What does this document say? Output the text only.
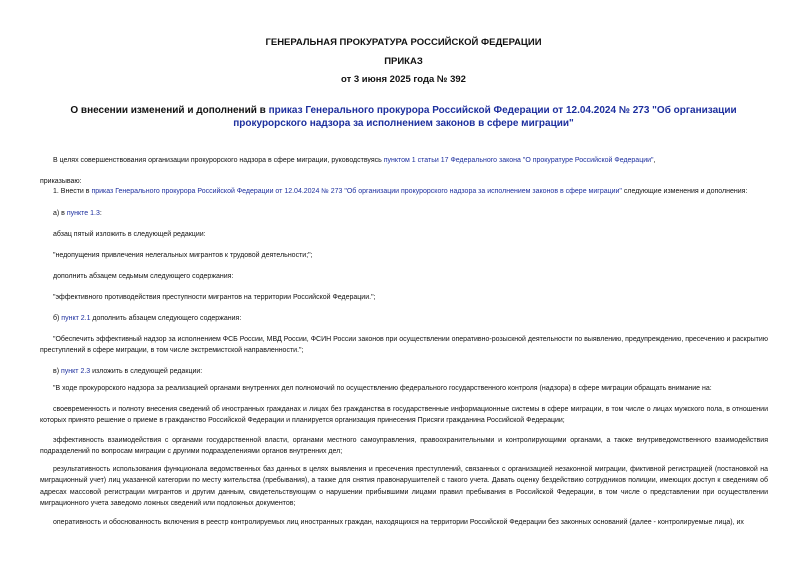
ГЕНЕРАЛЬНАЯ ПРОКУРАТУРА РОССИЙСКОЙ ФЕДЕРАЦИИ
ПРИКАЗ
от 3 июня 2025 года № 392
О внесении изменений и дополнений в приказ Генерального прокурора Российской Федерации от 12.04.2024 № 273 "Об организации прокурорского надзора за исполнением законов в сфере миграции"
В целях совершенствования организации прокурорского надзора в сфере миграции, руководствуясь пунктом 1 статьи 17 Федерального закона "О прокуратуре Российской Федерации",
приказываю:
1. Внести в приказ Генерального прокурора Российской Федерации от 12.04.2024 № 273 "Об организации прокурорского надзора за исполнением законов в сфере миграции" следующие изменения и дополнения:
а) в пункте 1.3:
абзац пятый изложить в следующей редакции:
"недопущения привлечения нелегальных мигрантов к трудовой деятельности;";
дополнить абзацем седьмым следующего содержания:
"эффективного противодействия преступности мигрантов на территории Российской Федерации.";
б) пункт 2.1 дополнить абзацем следующего содержания:
"Обеспечить эффективный надзор за исполнением ФСБ России, МВД России, ФСИН России законов при осуществлении оперативно-розыскной деятельности по выявлению, предупреждению, пресечению и раскрытию преступлений в сфере миграции, в том числе экстремистской направленности.";
в) пункт 2.3 изложить в следующей редакции:
"В ходе прокурорского надзора за реализацией органами внутренних дел полномочий по осуществлению федерального государственного контроля (надзора) в сфере миграции обращать внимание на:
своевременность и полноту внесения сведений об иностранных гражданах и лицах без гражданства в государственные информационные системы в сфере миграции, в том числе о лицах мужского пола, в отношении которых принято решение о приеме в гражданство Российской Федерации и планируется организация принесения Присяги гражданина Российской Федерации;
эффективность взаимодействия с органами государственной власти, органами местного самоуправления, правоохранительными и контролирующими органами, а также внутриведомственного взаимодействия подразделений по вопросам миграции с другими подразделениями органов внутренних дел;
результативность использования функционала ведомственных баз данных в целях выявления и пресечения преступлений, связанных с организацией незаконной миграции, фиктивной регистрацией (постановкой на миграционный учет) лиц указанной категории по месту жительства (пребывания), а также для снятия правонарушителей с такого учета. Давать оценку бездействию сотрудников полиции, имеющих доступ к сведениям об адресах массовой регистрации мигрантов и другим данным, свидетельствующим о нарушении прибывшими лицами правил пребывания в Российской Федерации, в том числе о представлении при осуществлении миграционного учета заведомо ложных сведений или подложных документов;
оперативность и обоснованность включения в реестр контролируемых лиц иностранных граждан, находящихся на территории Российской Федерации без законных оснований (далее - контролируемые лица), их
